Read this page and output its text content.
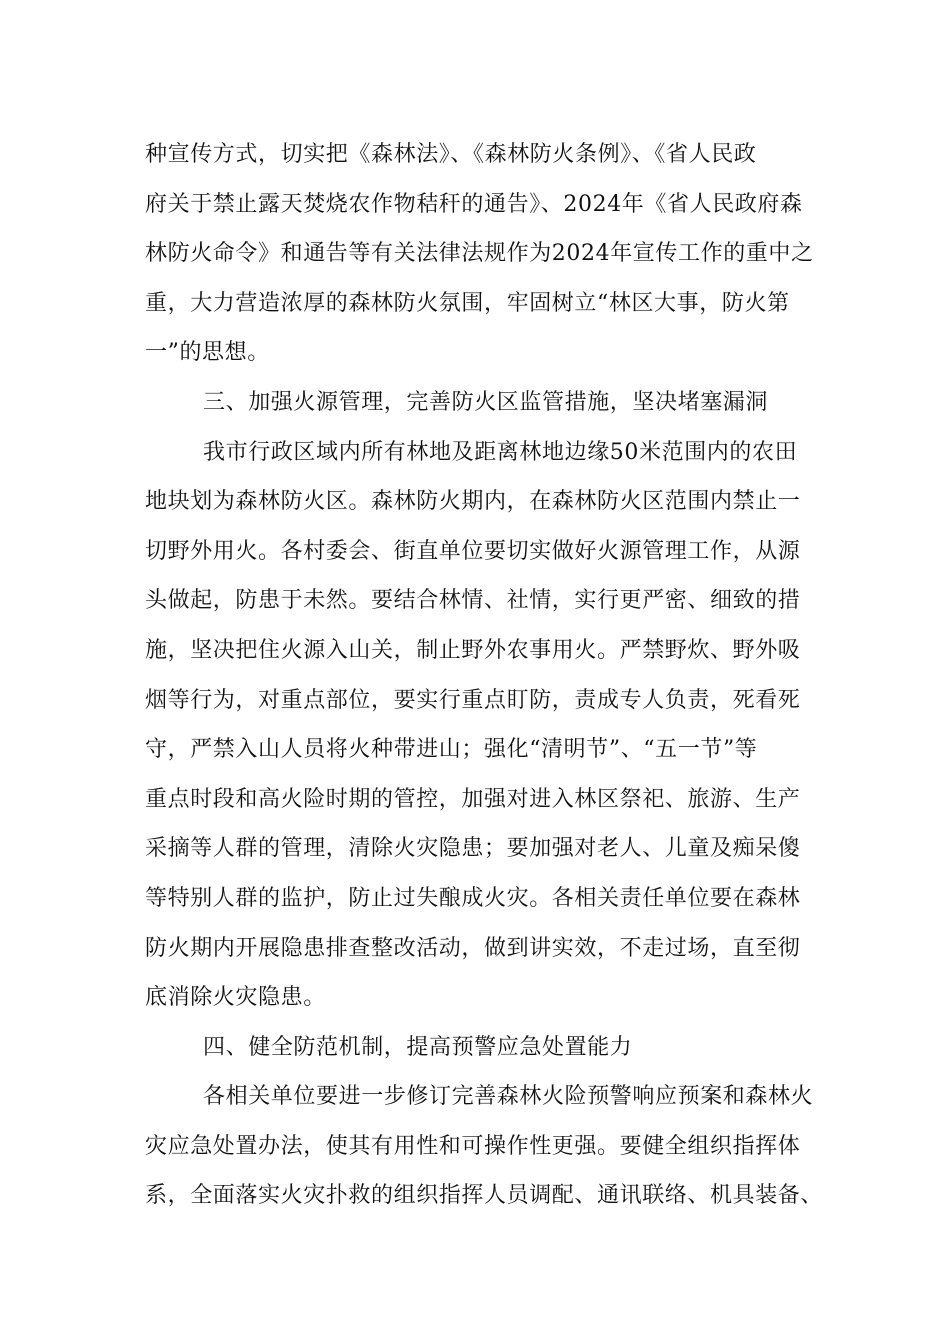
种宣传方式，切实把《森林法》、《森林防火条例》、《省人民政
府关于禁止露天焚烧农作物秸秆的通告》、2024年《省人民政府森
林防火命令》和通告等有关法律法规作为2024年宣传工作的重中之
重，大力营造浓厚的森林防火氛围，牢固树立“林区大事，防火第
一”的思想。
三、加强火源管理，完善防火区监管措施，坚决堵塞漏洞
我市行政区域内所有林地及距离林地边缘50米范围内的农田
地块划为森林防火区。森林防火期内，在森林防火区范围内禁止一
切野外用火。各村委会、街直单位要切实做好火源管理工作，从源
头做起，防患于未然。要结合林情、社情，实行更严密、细致的措
施，坚决把住火源入山关，制止野外农事用火。严禁野炊、野外吸
烟等行为，对重点部位，要实行重点盯防，责成专人负责，死看死
守，严禁入山人员将火种带进山；强化“清明节”、“五一节”等
重点时段和高火险时期的管控，加强对进入林区祭祀、旅游、生产
采摘等人群的管理，清除火灾隐患；要加强对老人、儿童及痴呆傻
等特别人群的监护，防止过失酿成火灾。各相关责任单位要在森林
防火期内开展隐患排查整改活动，做到讲实效，不走过场，直至彻
底消除火灾隐患。
四、健全防范机制，提高预警应急处置能力
各相关单位要进一步修订完善森林火险预警响应预案和森林火
灾应急处置办法，使其有用性和可操作性更强。要健全组织指挥体
系，全面落实火灾扑救的组织指挥人员调配、通讯联络、机具装备、
